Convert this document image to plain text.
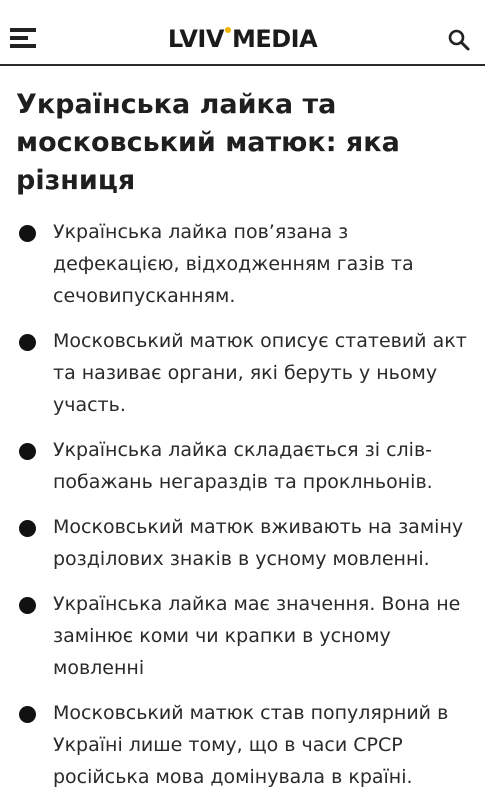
LVIV MEDIA
Українська лайка та московський матюк: яка різниця
Українська лайка пов’язана з дефекацією, відходженням газів та сечовипусканням.
Московський матюк описує статевий акт та називає органи, які беруть у ньому участь.
Українська лайка складається зі слів-побажань негараздів та проклньонів.
Московський матюк вживають на заміну розділових знаків в усному мовленні.
Українська лайка має значення. Вона не замінює коми чи крапки в усному мовленні
Московський матюк став популярний в Україні лише тому, що в часи СРСР російська мова домінувала в країні.
